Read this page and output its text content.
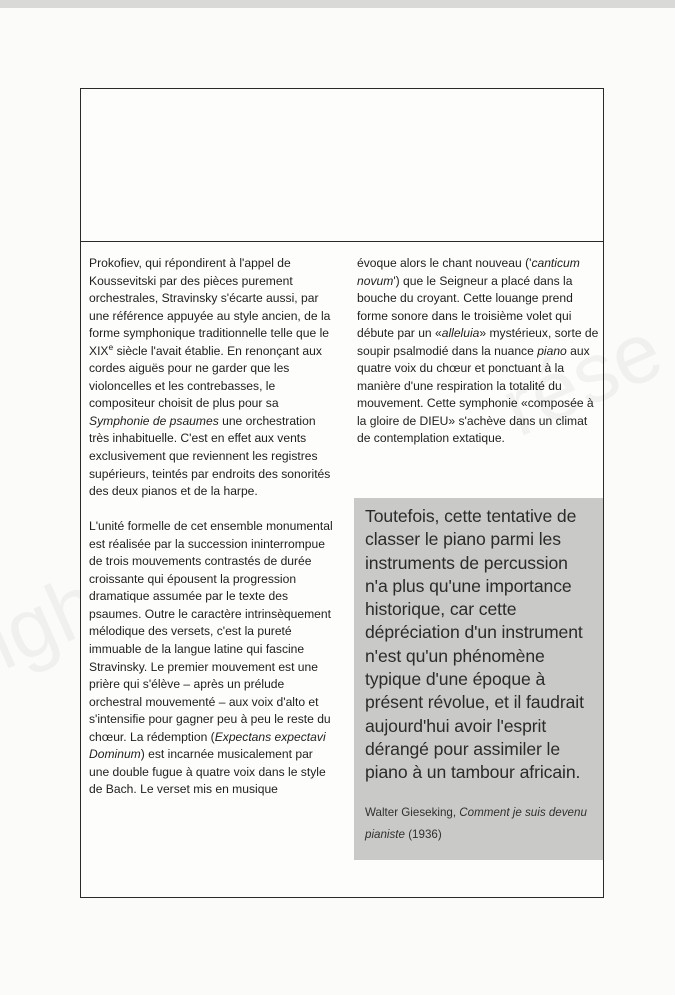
Prokofiev, qui répondirent à l'appel de Koussevitski par des pièces purement orchestrales, Stravinsky s'écarte aussi, par une référence appuyée au style ancien, de la forme symphonique traditionnelle telle que le XIXe siècle l'avait établie. En renonçant aux cordes aiguës pour ne garder que les violoncelles et les contrebasses, le compositeur choisit de plus pour sa Symphonie de psaumes une orchestration très inhabituelle. C'est en effet aux vents exclusivement que reviennent les registres supérieurs, teintés par endroits des sonorités des deux pianos et de la harpe.

L'unité formelle de cet ensemble monumental est réalisée par la succession ininterrompue de trois mouvements contrastés de durée croissante qui épousent la progression dramatique assumée par le texte des psaumes. Outre le caractère intrinsèquement mélodique des versets, c'est la pureté immuable de la langue latine qui fascine Stravinsky. Le premier mouvement est une prière qui s'élève – après un prélude orchestral mouvementé – aux voix d'alto et s'intensifie pour gagner peu à peu le reste du chœur. La rédemption (Expectans expectavi Dominum) est incarnée musicalement par une double fugue à quatre voix dans le style de Bach. Le verset mis en musique

évoque alors le chant nouveau ('canticum novum') que le Seigneur a placé dans la bouche du croyant. Cette louange prend forme sonore dans le troisième volet qui débute par un «alleluia» mystérieux, sorte de soupir psalmodié dans la nuance piano aux quatre voix du chœur et ponctuant à la manière d'une respiration la totalité du mouvement. Cette symphonie «composée à la gloire de DIEU» s'achève dans un climat de contemplation extatique.

Toutefois, cette tentative de classer le piano parmi les instruments de percussion n'a plus qu'une importance historique, car cette dépréciation d'un instrument n'est qu'un phénomène typique d'une époque à présent révolue, et il faudrait aujourd'hui avoir l'esprit dérangé pour assimiler le piano à un tambour africain.
Walter Gieseking, Comment je suis devenu pianiste (1936)
